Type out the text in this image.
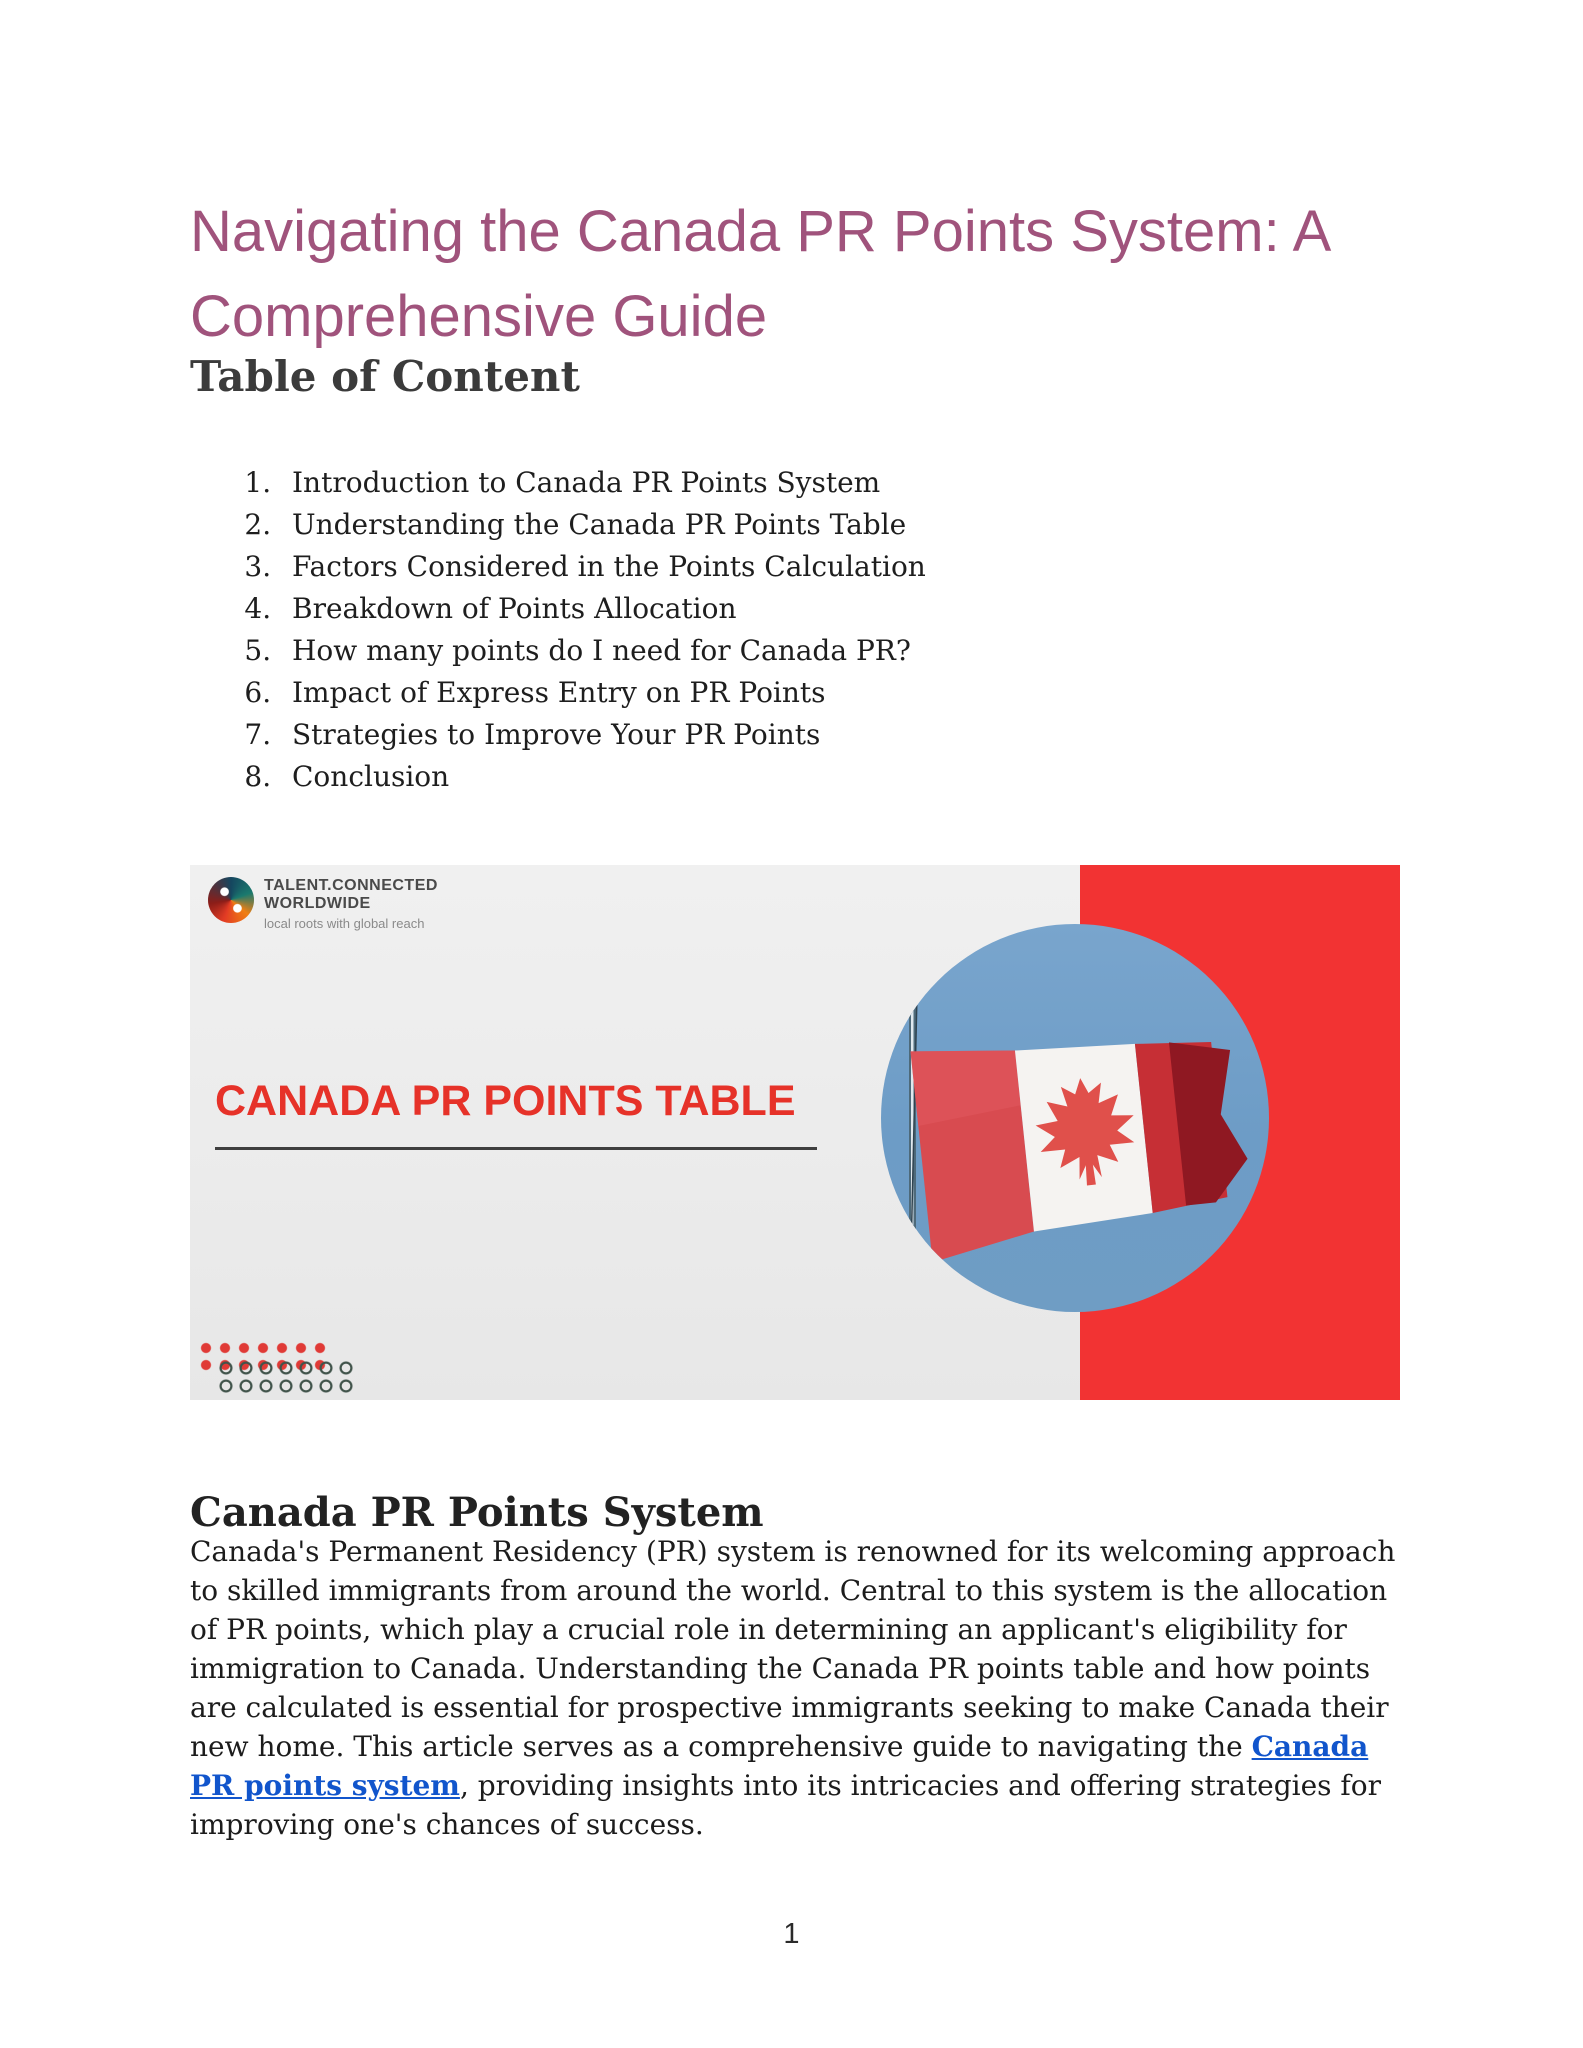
Navigating the Canada PR Points System: A
Comprehensive Guide
Table of Content
1. Introduction to Canada PR Points System
2. Understanding the Canada PR Points Table
3. Factors Considered in the Points Calculation
4. Breakdown of Points Allocation
5. How many points do I need for Canada PR?
6. Impact of Express Entry on PR Points
7. Strategies to Improve Your PR Points
8. Conclusion
TALENT.CONNECTED
WORLDWIDE
local roots with global reach
CANADA PR POINTS TABLE
Canada PR Points System

Canada's Permanent Residency (PR) system is renowned for its welcoming approach to skilled immigrants from around the world. Central to this system is the allocation of PR points, which play a crucial role in determining an applicant's eligibility for immigration to Canada. Understanding the Canada PR points table and how points are calculated is essential for prospective immigrants seeking to make Canada their new home. This article serves as a comprehensive guide to navigating the Canada PR points system, providing insights into its intricacies and offering strategies for improving one's chances of success.

1
